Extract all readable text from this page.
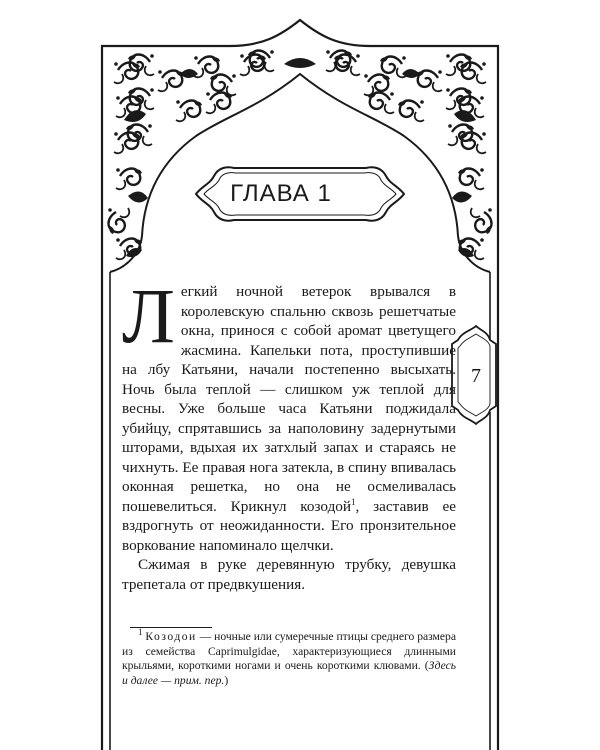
ГЛАВА 1
7

Легкий ночной ветерок врывался в королевскую спальню сквозь решетчатые окна, принося с собой аромат цветущего жасмина. Капельки пота, проступившие на лбу Катьяни, начали постепенно высыхать. Ночь была теплой — слишком уж теплой для весны. Уже больше часа Катьяни поджидала убийцу, спрятавшись за наполовину задернутыми шторами, вдыхая их затхлый запах и стараясь не чихнуть. Ее правая нога затекла, в спину впивалась оконная решетка, но она не осмеливалась пошевелиться. Крикнул козодой$^1$, заставив ее вздрогнуть от неожиданности. Его пронзительное воркование напоминало щелчки.

Сжимая в руке деревянную трубку, девушка трепетала от предвкушения.

$^1$ Козодои — ночные или сумеречные птицы среднего размера из семейства Caprimulgidae, характеризующиеся длинными крыльями, короткими ногами и очень короткими клювами. (Здесь и далее — прим. пер.)
